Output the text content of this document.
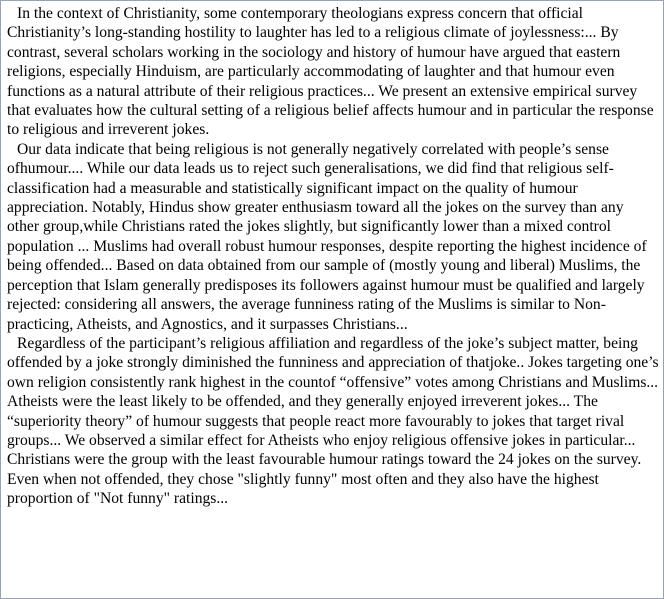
In the context of Christianity, some contemporary theologians express concern that official Christianity’s long-standing hostility to laughter has led to a religious climate of joylessness:... By contrast, several scholars working in the sociology and history of humour have argued that eastern religions, especially Hinduism, are particularly accommodating of laughter and that humour even functions as a natural attribute of their religious practices... We present an extensive empirical survey that evaluates how the cultural setting of a religious belief affects humour and in particular the response to religious and irreverent jokes.

Our data indicate that being religious is not generally negatively correlated with people’s sense ofhumour.... While our data leads us to reject such generalisations, we did find that religious self-classification had a measurable and statistically significant impact on the quality of humour appreciation. Notably, Hindus show greater enthusiasm toward all the jokes on the survey than any other group,while Christians rated the jokes slightly, but significantly lower than a mixed control population ... Muslims had overall robust humour responses, despite reporting the highest incidence of being offended... Based on data obtained from our sample of (mostly young and liberal) Muslims, the perception that Islam generally predisposes its followers against humour must be qualified and largely rejected: considering all answers, the average funniness rating of the Muslims is similar to Non-practicing, Atheists, and Agnostics, and it surpasses Christians...

Regardless of the participant’s religious affiliation and regardless of the joke’s subject matter, being offended by a joke strongly diminished the funniness and appreciation of thatjoke.. Jokes targeting one’s own religion consistently rank highest in the countof “offensive” votes among Christians and Muslims... Atheists were the least likely to be offended, and they generally enjoyed irreverent jokes... The “superiority theory” of humour suggests that people react more favourably to jokes that target rival groups... We observed a similar effect for Atheists who enjoy religious offensive jokes in particular... Christians were the group with the least favourable humour ratings toward the 24 jokes on the survey. Even when not offended, they chose "slightly funny" most often and they also have the highest proportion of "Not funny" ratings...
